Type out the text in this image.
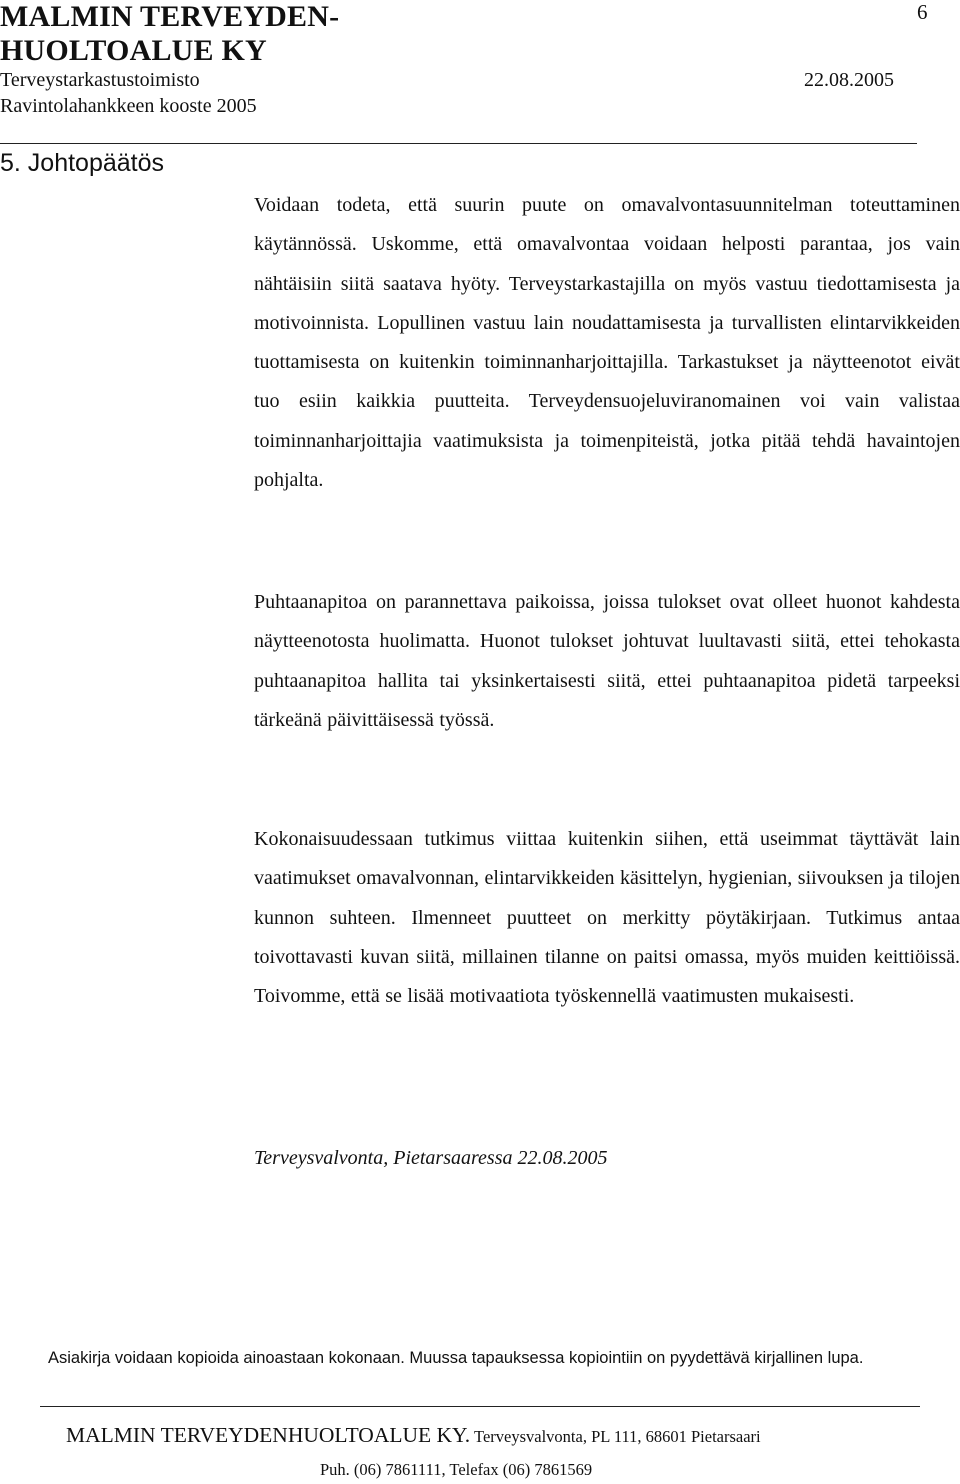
MALMIN TERVEYDEN-
HUOLTOALUE KY
6
Terveystarkastustoimisto	22.08.2005
Ravintolahankkeen kooste 2005
5. Johtopäätös
Voidaan todeta, että suurin puute on omavalvontasuunnitelman toteuttaminen käytännössä. Uskomme, että omavalvontaa voidaan helposti parantaa, jos vain nähtäisiin siitä saatava hyöty. Terveystarkastajilla on myös vastuu tiedottamisesta ja motivoinnista. Lopullinen vastuu lain noudattamisesta ja turvallisten elintarvikkeiden tuottamisesta on kuitenkin toiminnanharjoittajilla. Tarkastukset ja näytteenotot eivät tuo esiin kaikkia puutteita. Terveydensuojeluviranomainen voi vain valistaa toiminnanharjoittajia vaatimuksista ja toimenpiteistä, jotka pitää tehdä havaintojen pohjalta.
Puhtaanapitoa on parannettava paikoissa, joissa tulokset ovat olleet huonot kahdesta näytteenotosta huolimatta. Huonot tulokset johtuvat luultavasti siitä, ettei tehokasta puhtaanapitoa hallita tai yksinkertaisesti siitä, ettei puhtaanapitoa pidetä tarpeeksi tärkeänä päivittäisessä työssä.
Kokonaisuudessaan tutkimus viittaa kuitenkin siihen, että useimmat täyttävät lain vaatimukset omavalvonnan, elintarvikkeiden käsittelyn, hygienian, siivouksen ja tilojen kunnon suhteen. Ilmenneet puutteet on merkitty pöytäkirjaan. Tutkimus antaa toivottavasti kuvan siitä, millainen tilanne on paitsi omassa, myös muiden keittiöissä. Toivomme, että se lisää motivaatiota työskennellä vaatimusten mukaisesti.
Terveysvalvonta, Pietarsaaressa 22.08.2005
Asiakirja voidaan kopioida ainoastaan kokonaan. Muussa tapauksessa kopiointiin on pyydettävä kirjallinen lupa.
MALMIN TERVEYDENHUOLTOALUE KY. Terveysvalvonta, PL 111, 68601 Pietarsaari
Puh. (06) 7861111, Telefax (06) 7861569
